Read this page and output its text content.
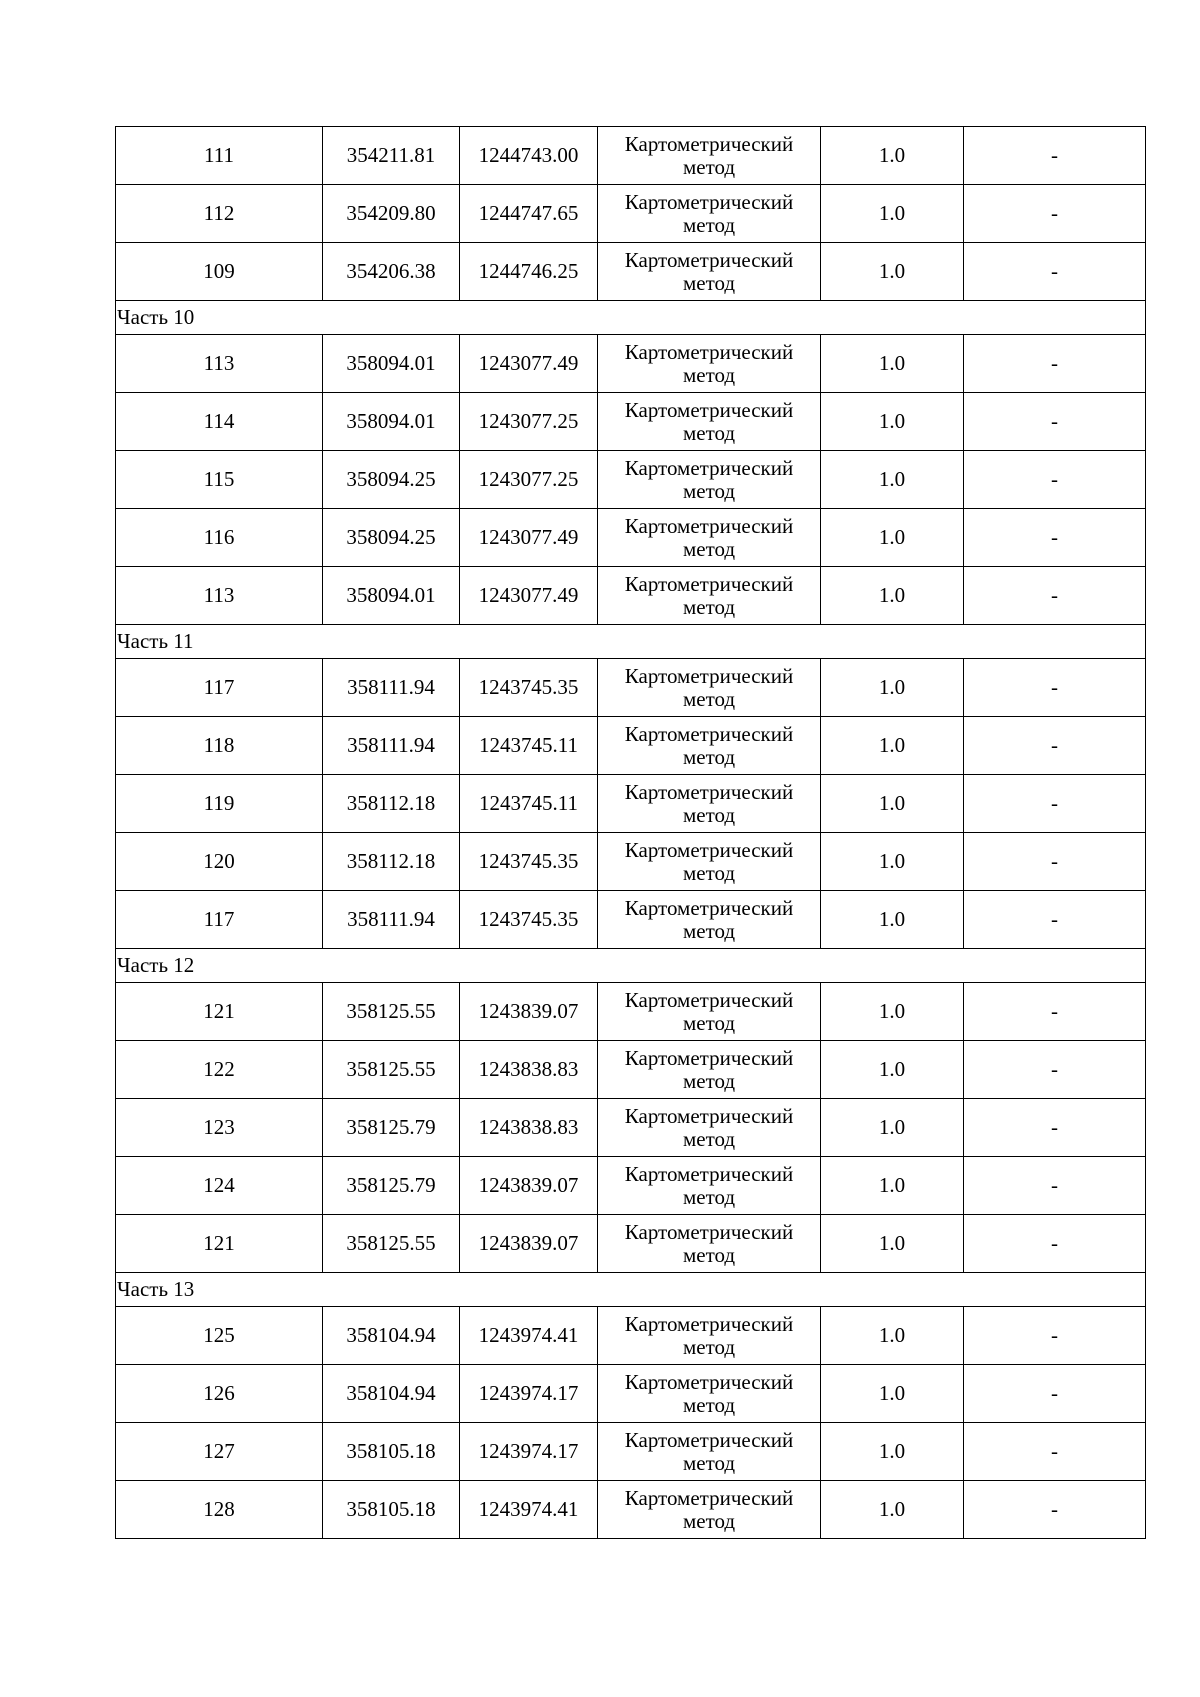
111	354211.81	1244743.00	Картометрический метод	1.0	-
112	354209.80	1244747.65	Картометрический метод	1.0	-
109	354206.38	1244746.25	Картометрический метод	1.0	-
Часть 10					
113	358094.01	1243077.49	Картометрический метод	1.0	-
114	358094.01	1243077.25	Картометрический метод	1.0	-
115	358094.25	1243077.25	Картометрический метод	1.0	-
116	358094.25	1243077.49	Картометрический метод	1.0	-
113	358094.01	1243077.49	Картометрический метод	1.0	-
Часть 11					
117	358111.94	1243745.35	Картометрический метод	1.0	-
118	358111.94	1243745.11	Картометрический метод	1.0	-
119	358112.18	1243745.11	Картометрический метод	1.0	-
120	358112.18	1243745.35	Картометрический метод	1.0	-
117	358111.94	1243745.35	Картометрический метод	1.0	-
Часть 12					
121	358125.55	1243839.07	Картометрический метод	1.0	-
122	358125.55	1243838.83	Картометрический метод	1.0	-
123	358125.79	1243838.83	Картометрический метод	1.0	-
124	358125.79	1243839.07	Картометрический метод	1.0	-
121	358125.55	1243839.07	Картометрический метод	1.0	-
Часть 13					
125	358104.94	1243974.41	Картометрический метод	1.0	-
126	358104.94	1243974.17	Картометрический метод	1.0	-
127	358105.18	1243974.17	Картометрический метод	1.0	-
128	358105.18	1243974.41	Картометрический метод	1.0	-
